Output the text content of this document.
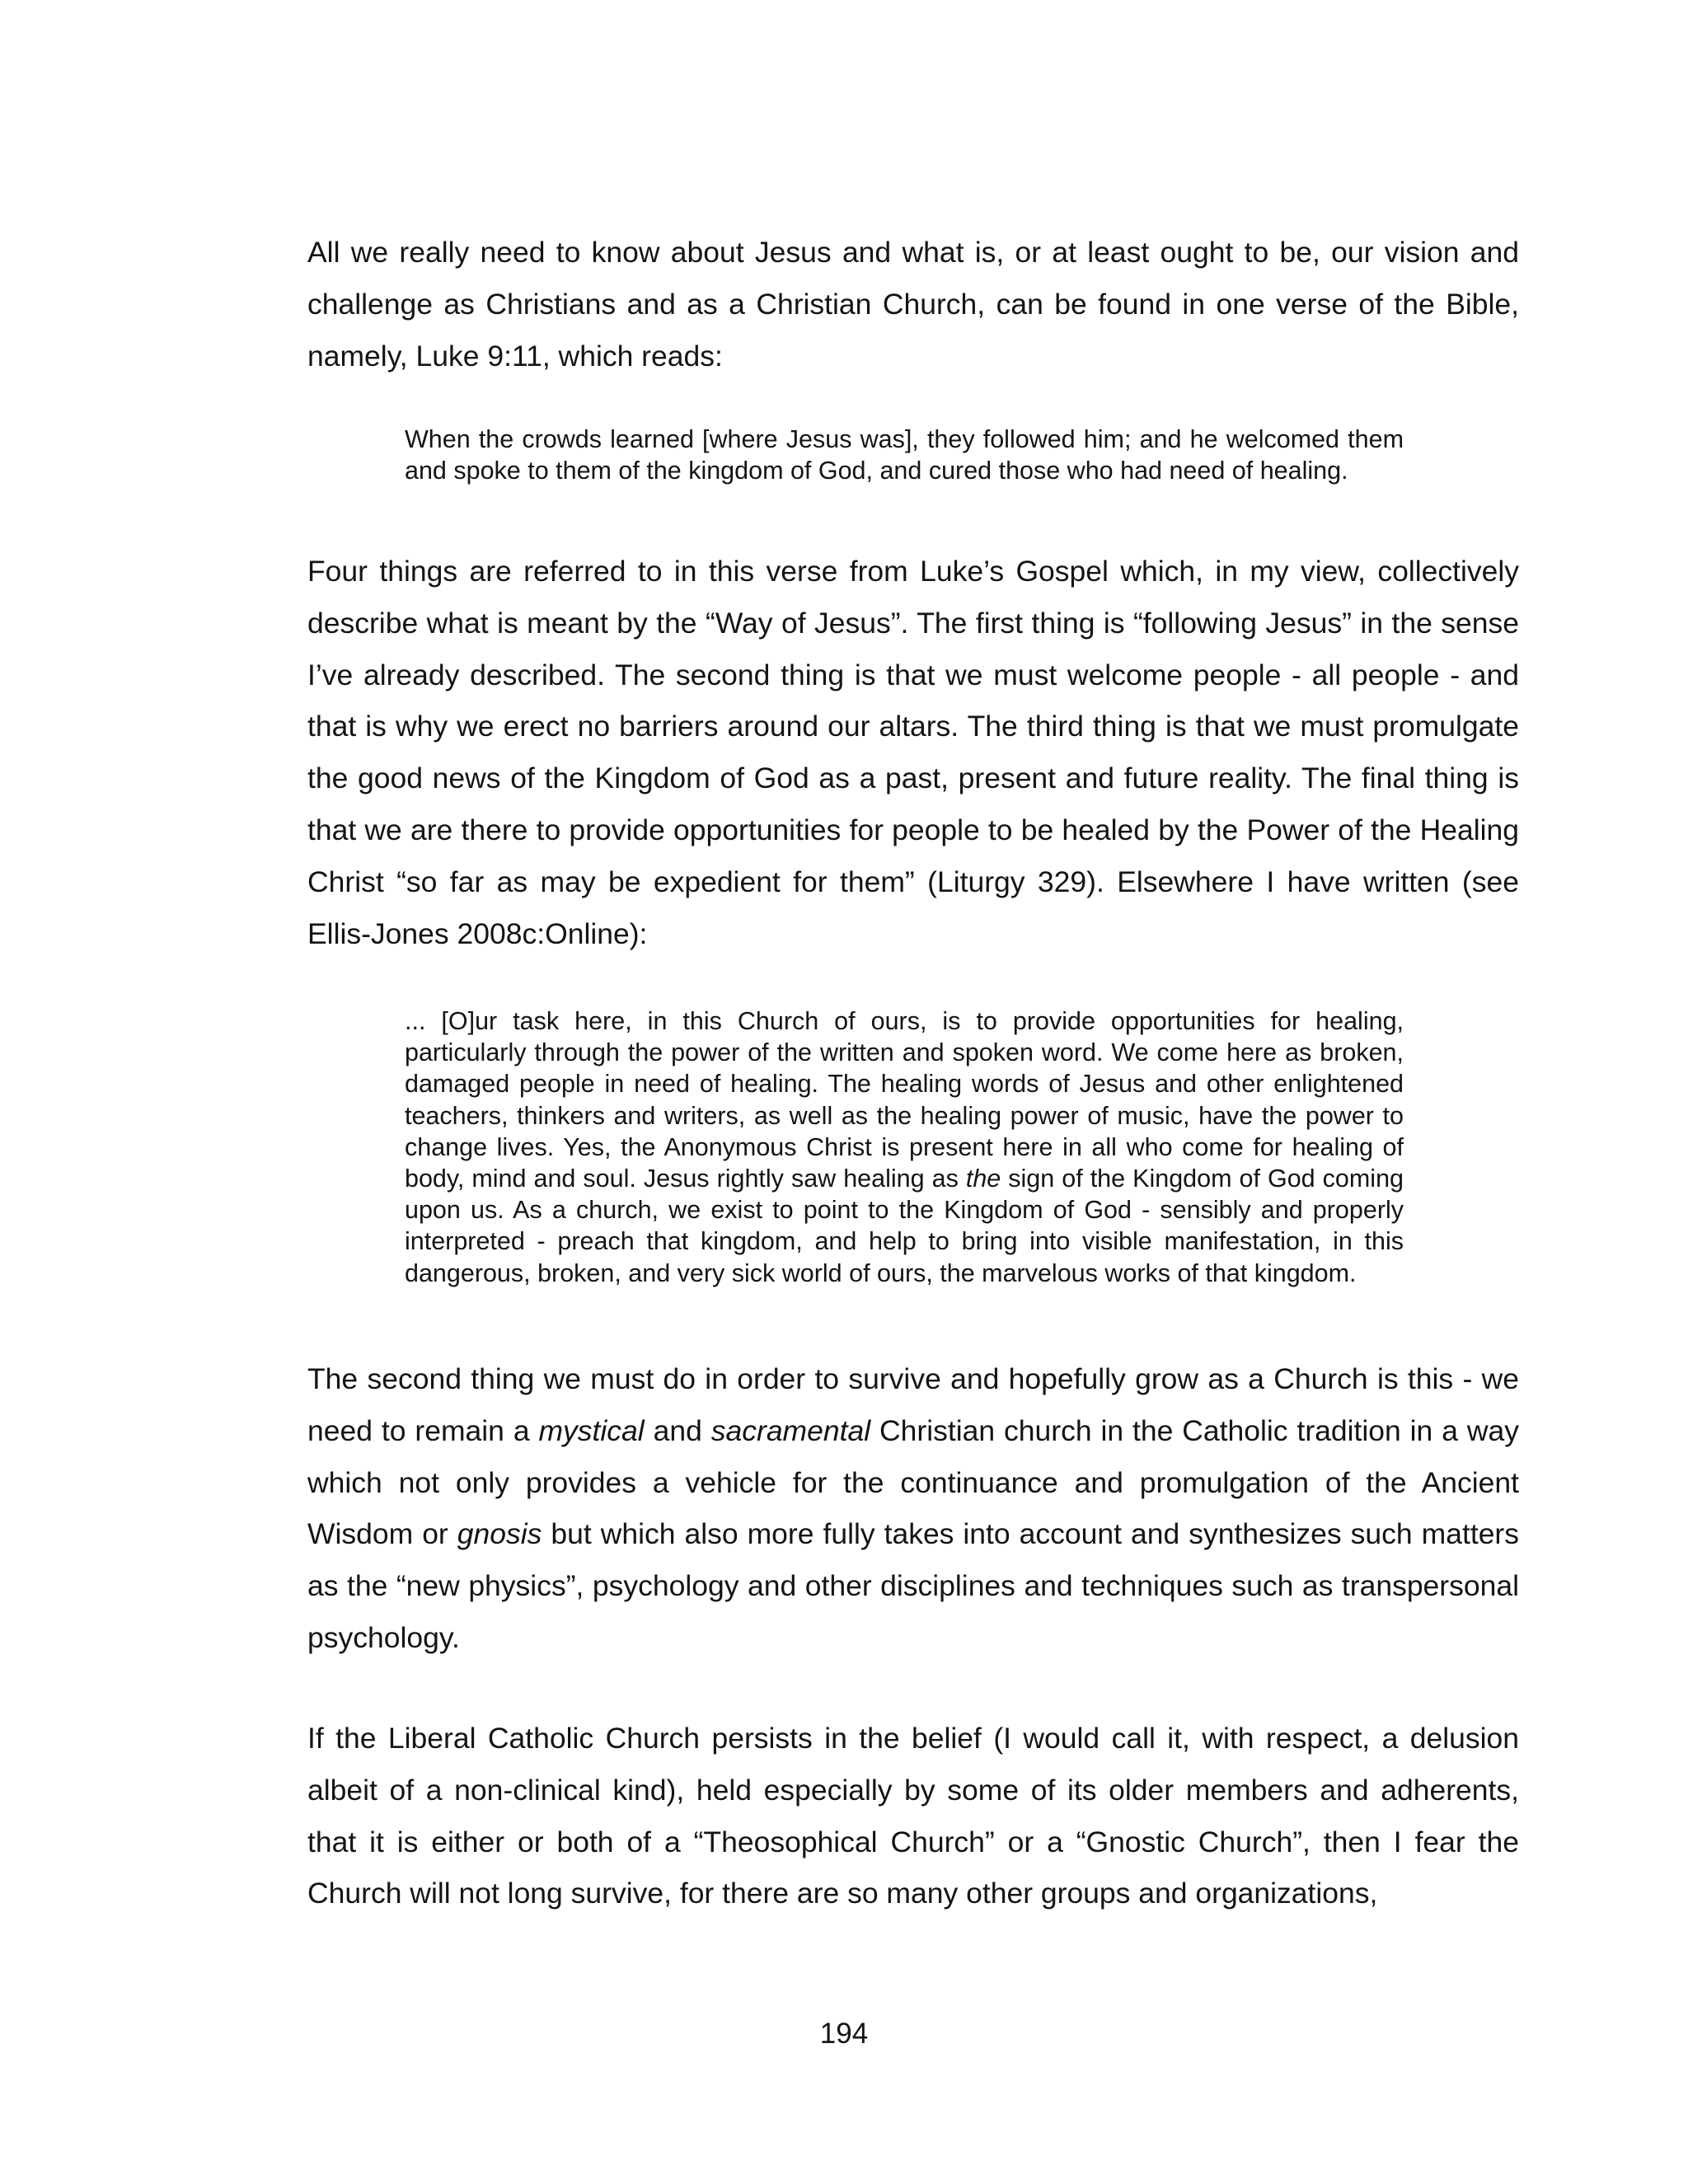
All we really need to know about Jesus and what is, or at least ought to be, our vision and challenge as Christians and as a Christian Church, can be found in one verse of the Bible, namely, Luke 9:11, which reads:

When the crowds learned [where Jesus was], they followed him; and he welcomed them and spoke to them of the kingdom of God, and cured those who had need of healing.

Four things are referred to in this verse from Luke’s Gospel which, in my view, collectively describe what is meant by the “Way of Jesus”. The first thing is “following Jesus” in the sense I’ve already described. The second thing is that we must welcome people - all people - and that is why we erect no barriers around our altars. The third thing is that we must promulgate the good news of the Kingdom of God as a past, present and future reality. The final thing is that we are there to provide opportunities for people to be healed by the Power of the Healing Christ “so far as may be expedient for them” (Liturgy 329). Elsewhere I have written (see Ellis-Jones 2008c:Online):

... [O]ur task here, in this Church of ours, is to provide opportunities for healing, particularly through the power of the written and spoken word. We come here as broken, damaged people in need of healing. The healing words of Jesus and other enlightened teachers, thinkers and writers, as well as the healing power of music, have the power to change lives. Yes, the Anonymous Christ is present here in all who come for healing of body, mind and soul. Jesus rightly saw healing as the sign of the Kingdom of God coming upon us. As a church, we exist to point to the Kingdom of God - sensibly and properly interpreted - preach that kingdom, and help to bring into visible manifestation, in this dangerous, broken, and very sick world of ours, the marvelous works of that kingdom.

The second thing we must do in order to survive and hopefully grow as a Church is this - we need to remain a mystical and sacramental Christian church in the Catholic tradition in a way which not only provides a vehicle for the continuance and promulgation of the Ancient Wisdom or gnosis but which also more fully takes into account and synthesizes such matters as the “new physics”, psychology and other disciplines and techniques such as transpersonal psychology.

If the Liberal Catholic Church persists in the belief (I would call it, with respect, a delusion albeit of a non-clinical kind), held especially by some of its older members and adherents, that it is either or both of a “Theosophical Church” or a “Gnostic Church”, then I fear the Church will not long survive, for there are so many other groups and organizations,

194
